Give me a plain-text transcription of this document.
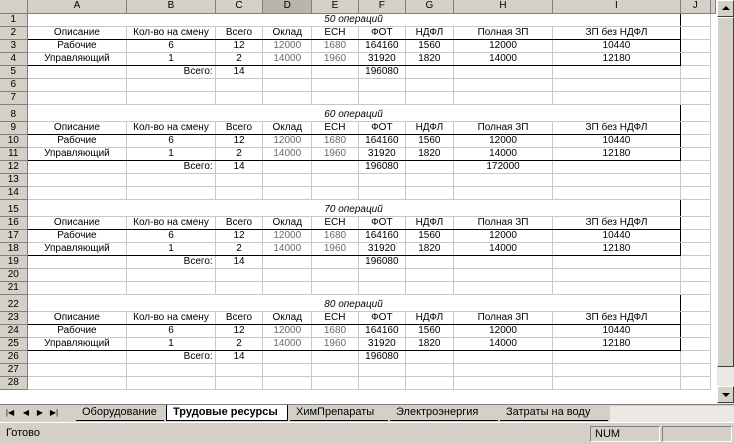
	A	B	C	D	E	F	G	H	I	J	
1	50 операций										
2	Описание	Кол-во на смену	Всего	Оклад	ЕСН	ФОТ	НДФЛ	Полная ЗП	ЗП без НДФЛ		
3	Рабочие	6	12	12000	1680	164160	1560	12000	10440		
4	Управляющий	1	2	14000	1960	31920	1820	14000	12180		
5		Всего:	14			196080					
6											
7											
8	60 операций										
9	Описание	Кол-во на смену	Всего	Оклад	ЕСН	ФОТ	НДФЛ	Полная ЗП	ЗП без НДФЛ		
10	Рабочие	6	12	12000	1680	164160	1560	12000	10440		
11	Управляющий	1	2	14000	1960	31920	1820	14000	12180		
12		Всего:	14			196080		172000			
13											
14											
15	70 операций										
16	Описание	Кол-во на смену	Всего	Оклад	ЕСН	ФОТ	НДФЛ	Полная ЗП	ЗП без НДФЛ		
17	Рабочие	6	12	12000	1680	164160	1560	12000	10440		
18	Управляющий	1	2	14000	1960	31920	1820	14000	12180		
19		Всего:	14			196080					
20											
21											
22	80 операций										
23	Описание	Кол-во на смену	Всего	Оклад	ЕСН	ФОТ	НДФЛ	Полная ЗП	ЗП без НДФЛ		
24	Рабочие	6	12	12000	1680	164160	1560	12000	10440		
25	Управляющий	1	2	14000	1960	31920	1820	14000	12180		
26		Всего:	14			196080					
27											
28											
|◀	◀ ▶ ▶|	Оборудование	Трудовые ресурсы	ХимПрепараты	Электроэнергия	Затраты на воду
Готово	NUM
